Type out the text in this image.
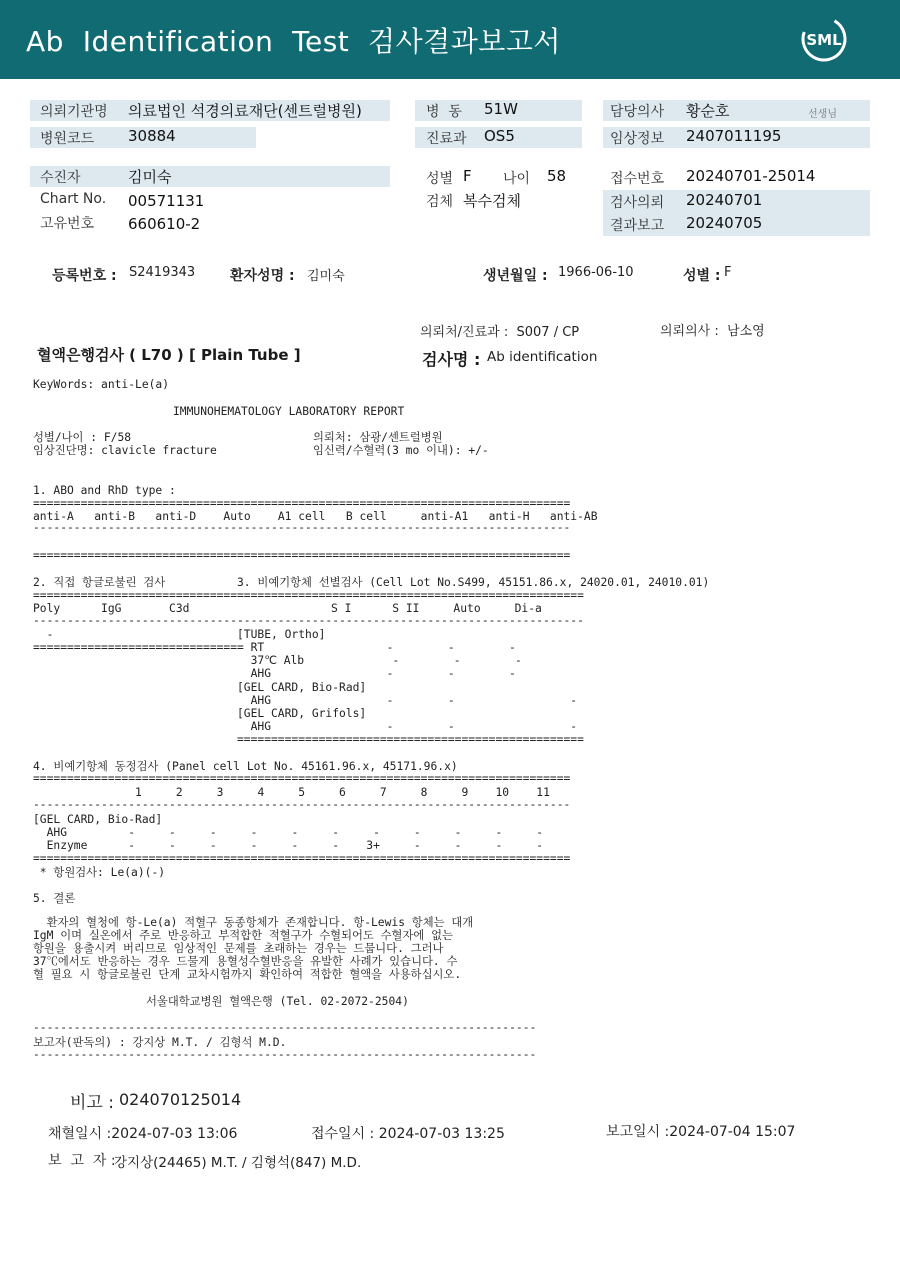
Ab  Identification  Test  검사결과보고서	SML
의뢰기관명 의료법인 석경의료재단(센트럴병원)
병원코드 30884
병  동 51W
진료과 OS5
담당의사 황순호	선생님
임상정보 2407011195
수진자	김미숙
Chart No. 00571131
고유번호 660610-2
성별 F 나이 58
검체 복수검체
접수번호 20240701-25014
검사의뢰 20240701
결과보고 20240705
등록번호 : S2419343 환자성명 : 김미숙	생년월일 : 1966-06-10	성별 : F
의뢰처/진료과 :  S007 / CP	의뢰의사 :  남소영
혈액은행검사 ( L70 ) [ Plain Tube ]	검사명 : Ab identification
KeyWords: anti-Le(a)
IMMUNOHEMATOLOGY LABORATORY REPORT
성별/나이 : F/58
임상진단명: clavicle fracture
의뢰처: 삼광/센트럴병원
임신력/수혈력(3 mo 이내): +/-
1. ABO and RhD type :
===============================================================================
anti-A   anti-B   anti-D    Auto    A1 cell   B cell     anti-A1   anti-H   anti-AB
-------------------------------------------------------------------------------
===============================================================================
2. 직접 항글로불린 검사
===============================
Poly      IgG       C3d
-------------------------------
-
===============================
3. 비예기항체 선별검사 (Cell Lot No.S499, 45151.86.x, 24020.01, 24010.01)
===================================================
S I      S II     Auto     Di-a
---------------------------------------------------
[TUBE, Ortho]
RT                  -        -        -
37℃ Alb             -        -        -
AHG                 -        -        -
[GEL CARD, Bio-Rad]
AHG                 -        -                 -
[GEL CARD, Grifols]
AHG                 -        -                 -
===================================================
4. 비예기항체 동정검사 (Panel cell Lot No. 45161.96.x, 45171.96.x)
===============================================================================
1     2     3     4     5     6     7     8     9    10    11
-------------------------------------------------------------------------------
[GEL CARD, Bio-Rad]
AHG         -     -     -     -     -     -     -     -     -     -     -
Enzyme      -     -     -     -     -     -    3+     -     -     -     -
===============================================================================
* 항원검사: Le(a)(-)
5. 결론
환자의 혈청에 항-Le(a) 적혈구 동종항체가 존재합니다. 항-Lewis 항체는 대개
IgM 이며 실온에서 주로 반응하고 부적합한 적혈구가 수혈되어도 수혈자에 없는
항원을 용출시켜 버리므로 임상적인 문제를 초래하는 경우는 드뭅니다. 그러나
37℃에서도 반응하는 경우 드물게 용혈성수혈반응을 유발한 사례가 있습니다. 수
혈 필요 시 항글로불린 단계 교차시험까지 확인하여 적합한 혈액을 사용하십시오.
서울대학교병원 혈액은행 (Tel. 02-2072-2504)
--------------------------------------------------------------------------
보고자(판독의) : 강지상 M.T. / 김형석 M.D.
--------------------------------------------------------------------------
비고 : 024070125014
채혈일시 :2024-07-03 13:06	접수일시 : 2024-07-03 13:25	보고일시 :2024-07-04 15:07
보  고  자 :
강지상(24465) M.T. / 김형석(847) M.D.
